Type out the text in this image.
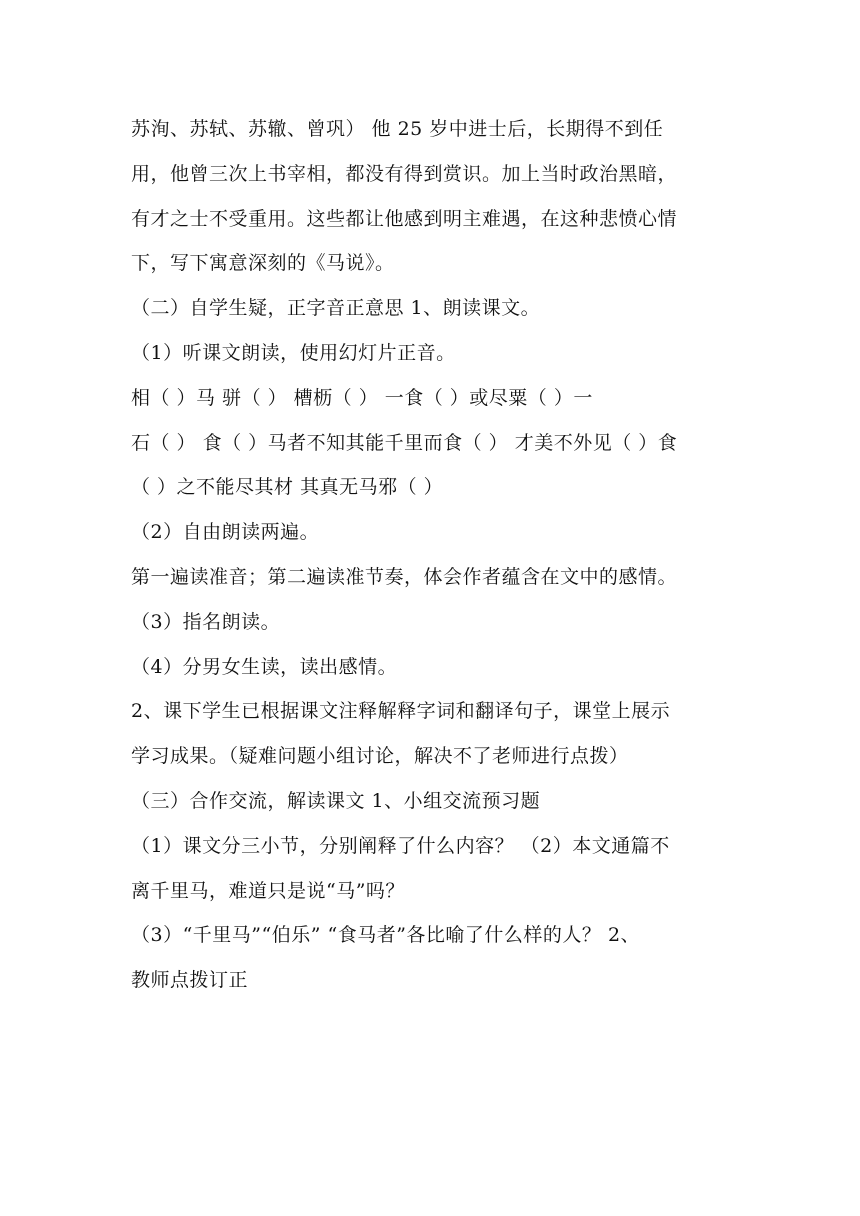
苏洵、苏轼、苏辙、曾巩） 他 25 岁中进士后，长期得不到任
用，他曾三次上书宰相，都没有得到赏识。加上当时政治黑暗，
有才之士不受重用。这些都让他感到明主难遇，在这种悲愤心情
下，写下寓意深刻的《马说》。
（二）自学生疑，正字音正意思 1、朗读课文。
（1）听课文朗读，使用幻灯片正音。
相（ ）马 骈（ ） 槽枥（ ） 一食（ ）或尽粟（ ）一
石（ ） 食（ ）马者不知其能千里而食（ ） 才美不外见（ ）食
（ ）之不能尽其材 其真无马邪（ ）
（2）自由朗读两遍。
第一遍读准音；第二遍读准节奏，体会作者蕴含在文中的感情。
（3）指名朗读。
（4）分男女生读，读出感情。
2、课下学生已根据课文注释解释字词和翻译句子，课堂上展示
学习成果。（疑难问题小组讨论，解决不了老师进行点拨）
（三）合作交流，解读课文 1、小组交流预习题
（1）课文分三小节，分别阐释了什么内容？ （2）本文通篇不
离千里马，难道只是说“马”吗？
（3）“千里马”“伯乐” “食马者”各比喻了什么样的人？ 2、
教师点拨订正
